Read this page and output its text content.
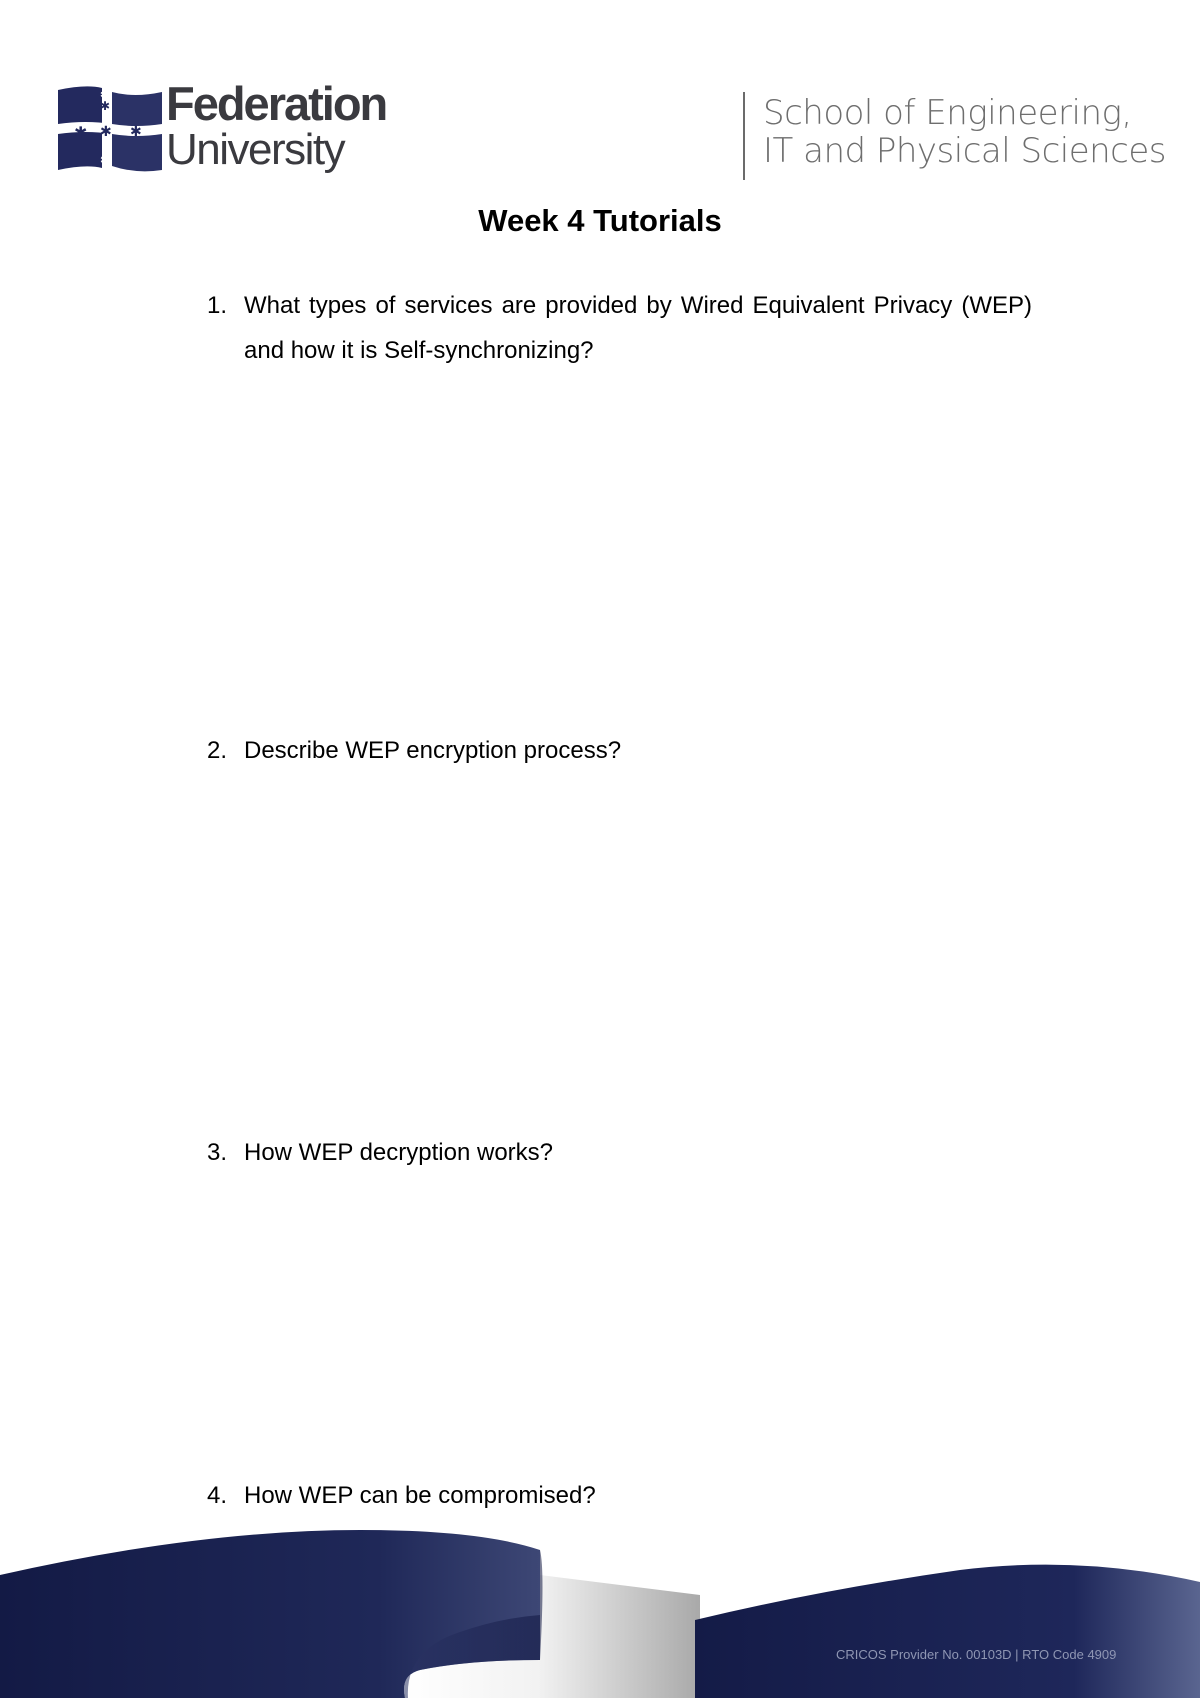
✱
✱
✱
✱
✱
✱ Federation
University
School of Engineering,
IT and Physical Sciences
Week 4 Tutorials
1. What types of services are provided by Wired Equivalent Privacy (WEP) and how it is Self-synchronizing?
2. Describe WEP encryption process?
3. How WEP decryption works?
4. How WEP can be compromised?
CRICOS Provider No. 00103D | RTO Code 4909
